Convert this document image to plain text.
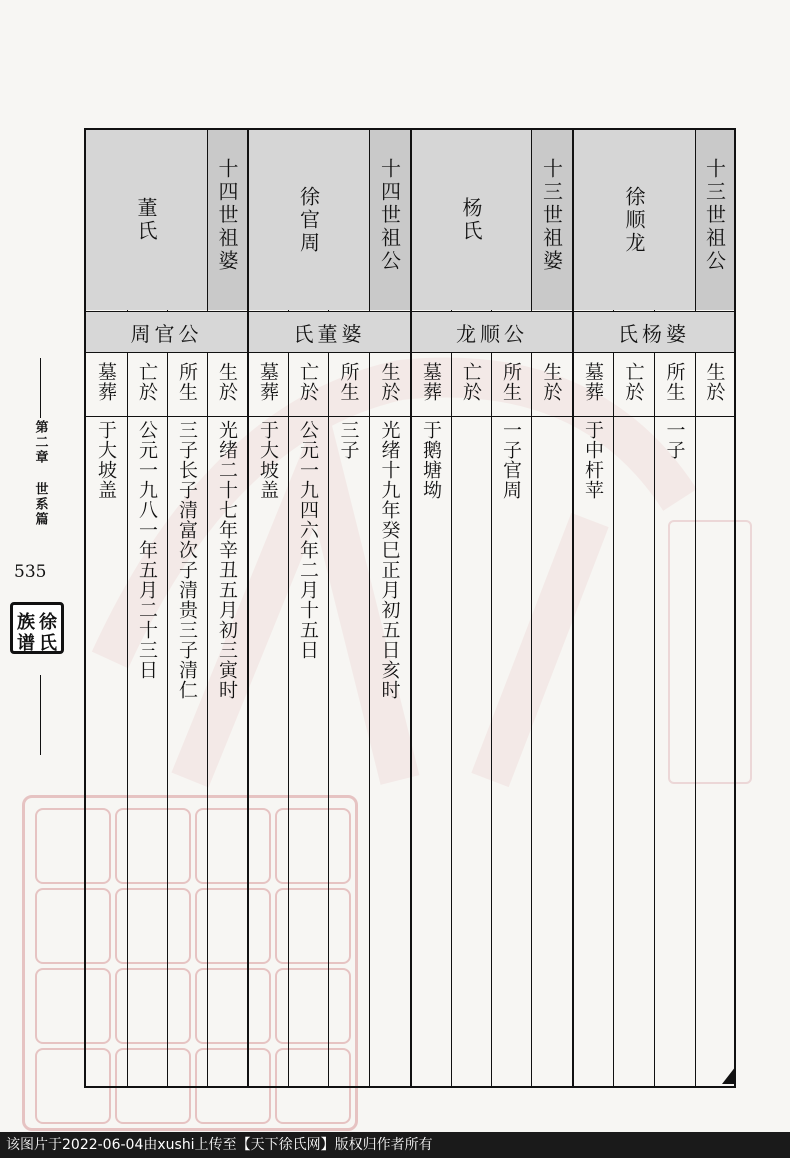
第二章 世系篇
535
徐
氏
族
谱
墓葬
于大坡盖
亡於
公元一九八一年五月二十三日
所生
三子长子清富次子清贵三子清仁
十四世祖婆
生於
光绪二十七年辛丑五月初三寅时
董氏
周官公
墓葬
于大坡盖
亡於
公元一九四六年二月十五日
所生
三子
十四世祖公
生於
光绪十九年癸巳正月初五日亥时
徐官周
氏董婆
墓葬
于鹅塘坳
亡於 所生
一子官周
十三世祖婆
生於
杨氏
龙顺公
墓葬
于中杆苹
亡於	所生
一子
十三世祖公
生於
徐顺龙
氏杨婆
该图片于2022-06-04由xushi上传至【天下徐氏网】版权归作者所有
